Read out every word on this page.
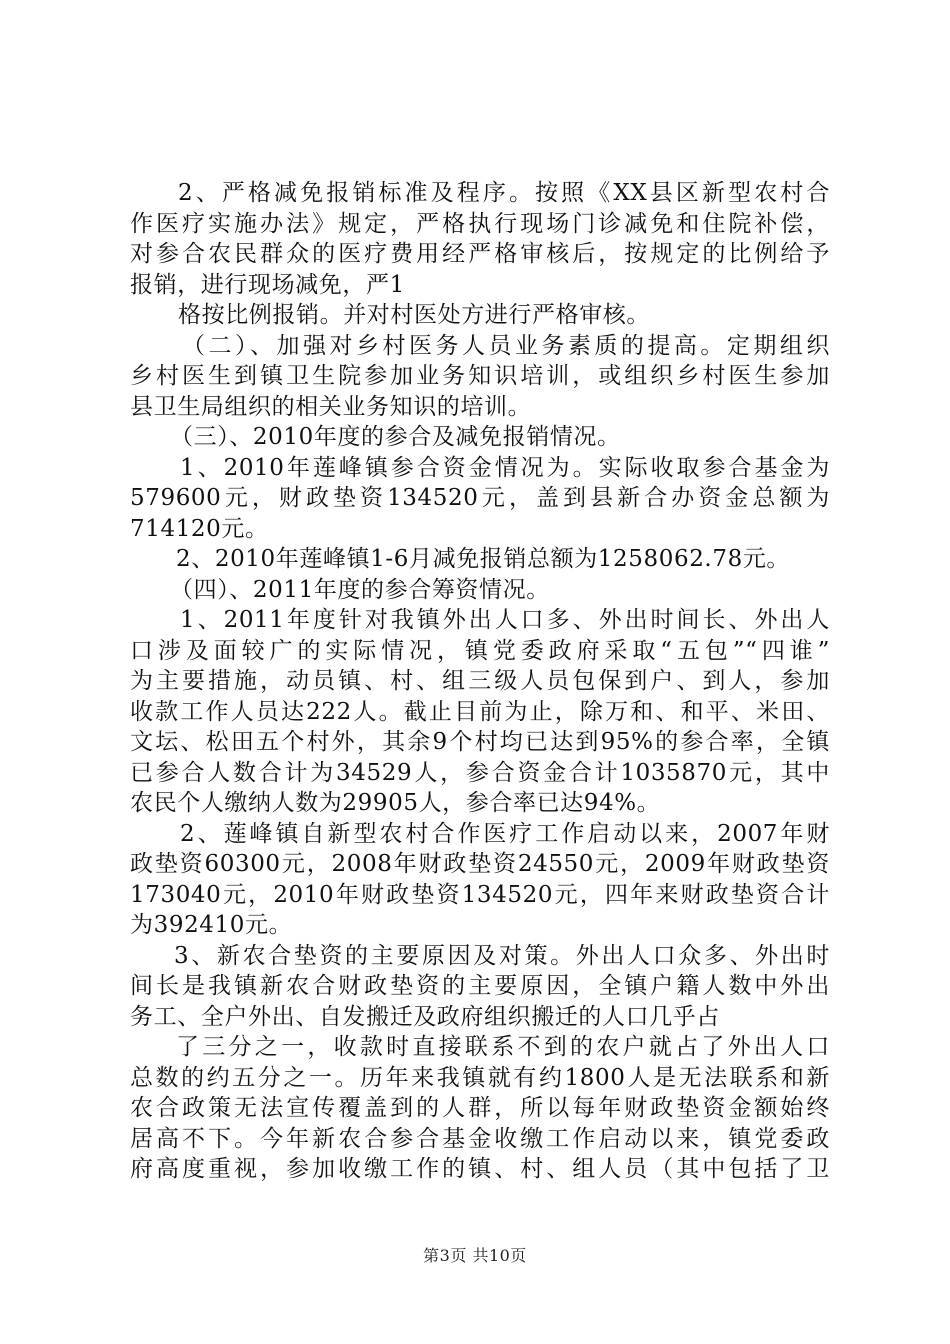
2、严格减免报销标准及程序。按照《XX县区新型农村合
作医疗实施办法》规定，严格执行现场门诊减免和住院补偿，
对参合农民群众的医疗费用经严格审核后，按规定的比例给予
报销，进行现场减免，严1
格按比例报销。并对村医处方进行严格审核。
（二）、加强对乡村医务人员业务素质的提高。定期组织
乡村医生到镇卫生院参加业务知识培训，或组织乡村医生参加
县卫生局组织的相关业务知识的培训。
（三）、2010年度的参合及减免报销情况。
1、2010年莲峰镇参合资金情况为。实际收取参合基金为
579600元，财政垫资134520元，盖到县新合办资金总额为
714120元。
2、2010年莲峰镇1-6月减免报销总额为1258062.78元。
（四）、2011年度的参合筹资情况。
1、2011年度针对我镇外出人口多、外出时间长、外出人
口涉及面较广的实际情况，镇党委政府采取“五包”“四谁”
为主要措施，动员镇、村、组三级人员包保到户、到人，参加
收款工作人员达222人。截止目前为止，除万和、和平、米田、
文坛、松田五个村外，其余9个村均已达到95%的参合率，全镇
已参合人数合计为34529人，参合资金合计1035870元，其中
农民个人缴纳人数为29905人，参合率已达94%。
2、莲峰镇自新型农村合作医疗工作启动以来，2007年财
政垫资60300元，2008年财政垫资24550元，2009年财政垫资
173040元，2010年财政垫资134520元，四年来财政垫资合计
为392410元。
3、新农合垫资的主要原因及对策。外出人口众多、外出时
间长是我镇新农合财政垫资的主要原因，全镇户籍人数中外出
务工、全户外出、自发搬迁及政府组织搬迁的人口几乎占
了三分之一，收款时直接联系不到的农户就占了外出人口
总数的约五分之一。历年来我镇就有约1800人是无法联系和新
农合政策无法宣传覆盖到的人群，所以每年财政垫资金额始终
居高不下。今年新农合参合基金收缴工作启动以来，镇党委政
府高度重视，参加收缴工作的镇、村、组人员（其中包括了卫
第3页 共10页
